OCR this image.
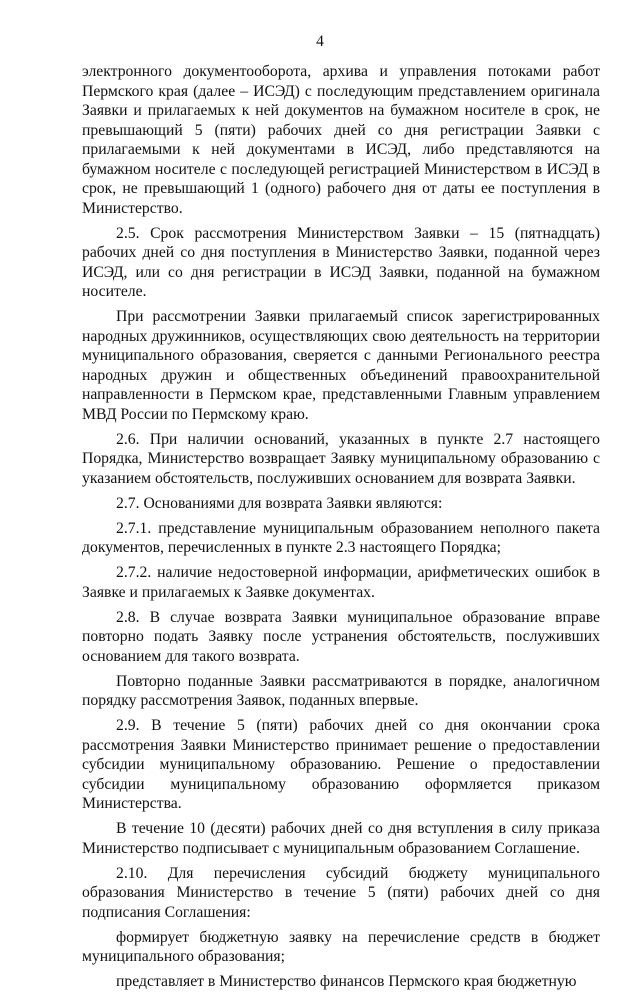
4

электронного документооборота, архива и управления потоками работ Пермского края (далее – ИСЭД) с последующим представлением оригинала Заявки и прилагаемых к ней документов на бумажном носителе в срок, не превышающий 5 (пяти) рабочих дней со дня регистрации Заявки с прилагаемыми к ней документами в ИСЭД, либо представляются на бумажном носителе с последующей регистрацией Министерством в ИСЭД в срок, не превышающий 1 (одного) рабочего дня от даты ее поступления в Министерство.

2.5. Срок рассмотрения Министерством Заявки – 15 (пятнадцать) рабочих дней со дня поступления в Министерство Заявки, поданной через ИСЭД, или со дня регистрации в ИСЭД Заявки, поданной на бумажном носителе.

При рассмотрении Заявки прилагаемый список зарегистрированных народных дружинников, осуществляющих свою деятельность на территории муниципального образования, сверяется с данными Регионального реестра народных дружин и общественных объединений правоохранительной направленности в Пермском крае, представленными Главным управлением МВД России по Пермскому краю.

2.6. При наличии оснований, указанных в пункте 2.7 настоящего Порядка, Министерство возвращает Заявку муниципальному образованию с указанием обстоятельств, послуживших основанием для возврата Заявки.

2.7. Основаниями для возврата Заявки являются:

2.7.1. представление муниципальным образованием неполного пакета документов, перечисленных в пункте 2.3 настоящего Порядка;

2.7.2. наличие недостоверной информации, арифметических ошибок в Заявке и прилагаемых к Заявке документах.

2.8. В случае возврата Заявки муниципальное образование вправе повторно подать Заявку после устранения обстоятельств, послуживших основанием для такого возврата.

Повторно поданные Заявки рассматриваются в порядке, аналогичном порядку рассмотрения Заявок, поданных впервые.

2.9. В течение 5 (пяти) рабочих дней со дня окончании срока рассмотрения Заявки Министерство принимает решение о предоставлении субсидии муниципальному образованию. Решение о предоставлении субсидии муниципальному образованию оформляется приказом Министерства.

В течение 10 (десяти) рабочих дней со дня вступления в силу приказа Министерство подписывает с муниципальным образованием Соглашение.

2.10. Для перечисления субсидий бюджету муниципального образования Министерство в течение 5 (пяти) рабочих дней со дня подписания Соглашения:

формирует бюджетную заявку на перечисление средств в бюджет муниципального образования;

представляет в Министерство финансов Пермского края бюджетную
